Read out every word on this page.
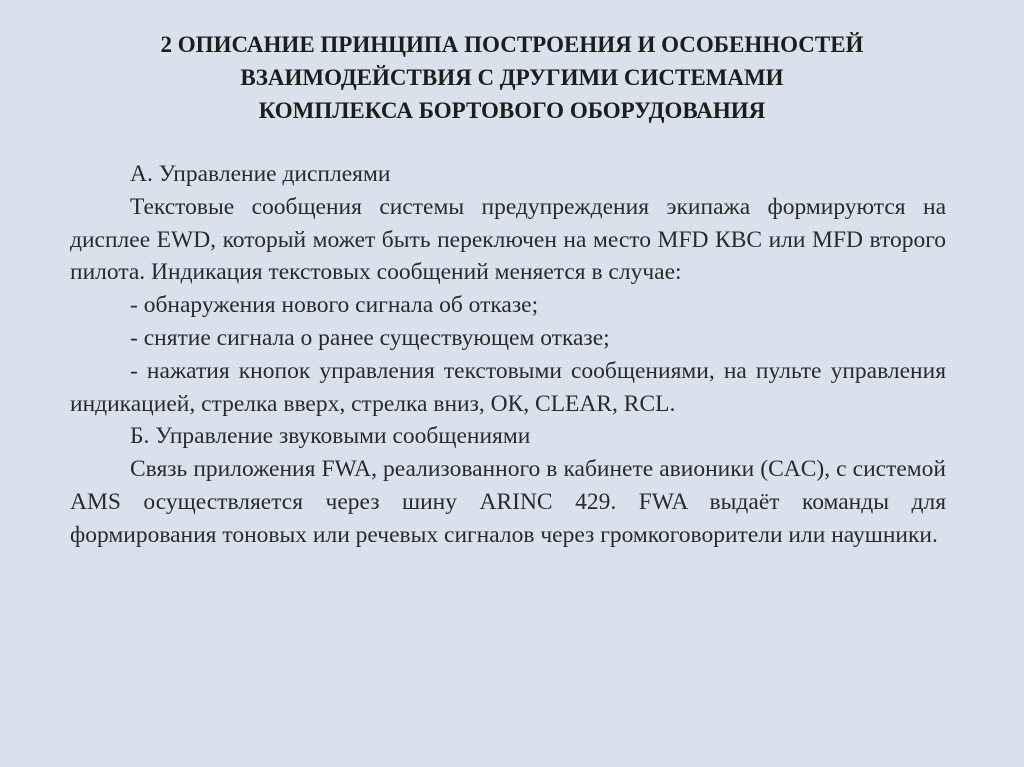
2 ОПИСАНИЕ ПРИНЦИПА ПОСТРОЕНИЯ И ОСОБЕННОСТЕЙ
ВЗАИМОДЕЙСТВИЯ С ДРУГИМИ СИСТЕМАМИ
КОМПЛЕКСА БОРТОВОГО ОБОРУДОВАНИЯ

А. Управление дисплеями

Текстовые сообщения системы предупреждения экипажа формируются на дисплее EWD, который может быть переключен на место MFD КВС или MFD второго пилота. Индикация текстовых сообщений меняется в случае:

- обнаружения нового сигнала об отказе;

- снятие сигнала о ранее существующем отказе;

- нажатия кнопок управления текстовыми сообщениями, на пульте управления индикацией, стрелка вверх, стрелка вниз, ОК, CLEAR, RCL.

Б. Управление звуковыми сообщениями

Связь приложения FWA, реализованного в кабинете авионики (CAC), с системой AMS осуществляется через шину ARINC 429. FWA выдаёт команды для формирования тоновых или речевых сигналов через громкоговорители или наушники.
